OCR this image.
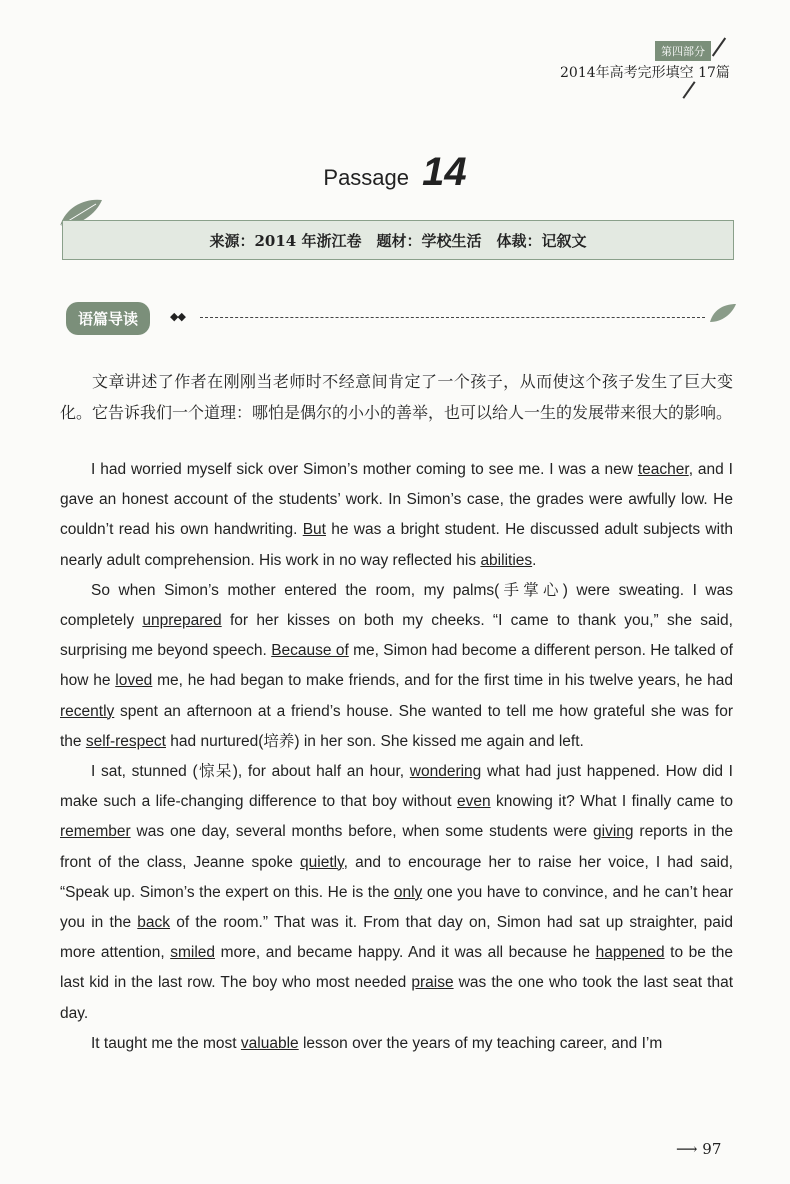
第四部分
2014年高考完形填空 17篇
Passage 14
来源：2014 年浙江卷　题材：学校生活　体裁：记叙文
语篇导读	◆◆
文章讲述了作者在刚刚当老师时不经意间肯定了一个孩子，从而使这个孩子发生了巨大变化。它告诉我们一个道理：哪怕是偶尔的小小的善举，也可以给人一生的发展带来很大的影响。

I had worried myself sick over Simon’s mother coming to see me. I was a new teacher, and I gave an honest account of the students’ work. In Simon’s case, the grades were awfully low. He couldn’t read his own handwriting. But he was a bright student. He discussed adult subjects with nearly adult comprehension. His work in no way reflected his abilities.

So when Simon’s mother entered the room, my palms(手掌心) were sweating. I was completely unprepared for her kisses on both my cheeks. “I came to thank you,” she said, surprising me beyond speech. Because of me, Simon had become a different person. He talked of how he loved me, he had began to make friends, and for the first time in his twelve years, he had recently spent an afternoon at a friend’s house. She wanted to tell me how grateful she was for the self-respect had nurtured(培养) in her son. She kissed me again and left.

I sat, stunned (惊呆), for about half an hour, wondering what had just happened. How did I make such a life-changing difference to that boy without even knowing it? What I finally came to remember was one day, several months before, when some students were giving reports in the front of the class, Jeanne spoke quietly, and to encourage her to raise her voice, I had said, “Speak up. Simon’s the expert on this. He is the only one you have to convince, and he can’t hear you in the back of the room.” That was it. From that day on, Simon had sat up straighter, paid more attention, smiled more, and became happy. And it was all because he happened to be the last kid in the last row. The boy who most needed praise was the one who took the last seat that day.

It taught me the most valuable lesson over the years of my teaching career, and I’m

⟶ 97
